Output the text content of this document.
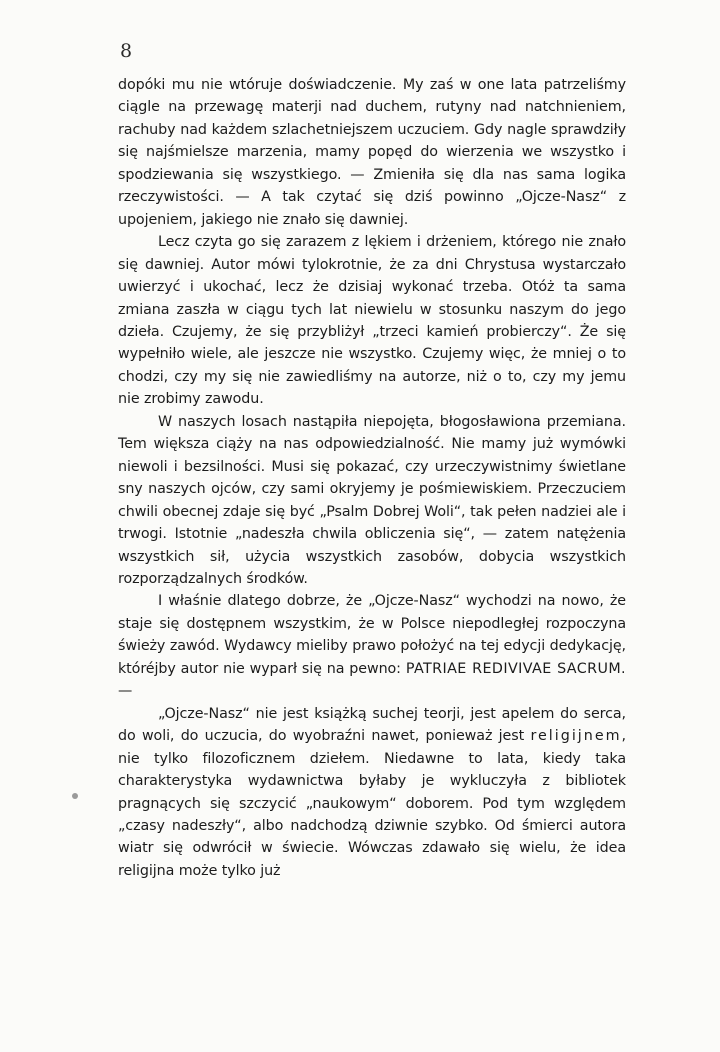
8

dopóki mu nie wtóruje doświadczenie. My zaś w one lata patrzeliśmy ciągle na przewagę materji nad duchem, rutyny nad natchnieniem, rachuby nad każdem szlachetniejszem uczuciem. Gdy nagle sprawdziły się najśmielsze marzenia, mamy popęd do wierzenia we wszystko i spodziewania się wszystkiego. — Zmieniła się dla nas sama logika rzeczywistości. — A tak czytać się dziś powinno „Ojcze-Nasz“ z upojeniem, jakiego nie znało się dawniej.

Lecz czyta go się zarazem z lękiem i drżeniem, którego nie znało się dawniej. Autor mówi tylokrotnie, że za dni Chrystusa wystarczało uwierzyć i ukochać, lecz że dzisiaj wykonać trzeba. Otóż ta sama zmiana zaszła w ciągu tych lat niewielu w stosunku naszym do jego dzieła. Czujemy, że się przybliżył „trzeci kamień probierczy“. Że się wypełniło wiele, ale jeszcze nie wszystko. Czujemy więc, że mniej o to chodzi, czy my się nie zawiedliśmy na autorze, niż o to, czy my jemu nie zrobimy zawodu.

W naszych losach nastąpiła niepojęta, błogosławiona przemiana. Tem większa ciąży na nas odpowiedzialność. Nie mamy już wymówki niewoli i bezsilności. Musi się pokazać, czy urzeczywistnimy świetlane sny naszych ojców, czy sami okryjemy je pośmiewiskiem. Przeczuciem chwili obecnej zdaje się być „Psalm Dobrej Woli“, tak pełen nadziei ale i trwogi. Istotnie „nadeszła chwila obliczenia się“, — zatem natężenia wszystkich sił, użycia wszystkich zasobów, dobycia wszystkich rozporządzalnych środków.

I właśnie dlatego dobrze, że „Ojcze-Nasz“ wychodzi na nowo, że staje się dostępnem wszystkim, że w Polsce niepodległej rozpoczyna świeży zawód. Wydawcy mieliby prawo położyć na tej edycji dedykację, któréjby autor nie wyparł się na pewno: PATRIAE REDIVIVAE SACRUM. —

„Ojcze-Nasz“ nie jest książką suchej teorji, jest apelem do serca, do woli, do uczucia, do wyobraźni nawet, ponieważ jest religijnem, nie tylko filozoficznem dziełem. Niedawne to lata, kiedy taka charakterystyka wydawnictwa byłaby je wykluczyła z bibliotek pragnących się szczycić „naukowym“ doborem. Pod tym względem „czasy nadeszły“, albo nadchodzą dziwnie szybko. Od śmierci autora wiatr się odwrócił w świecie. Wówczas zdawało się wielu, że idea religijna może tylko już
